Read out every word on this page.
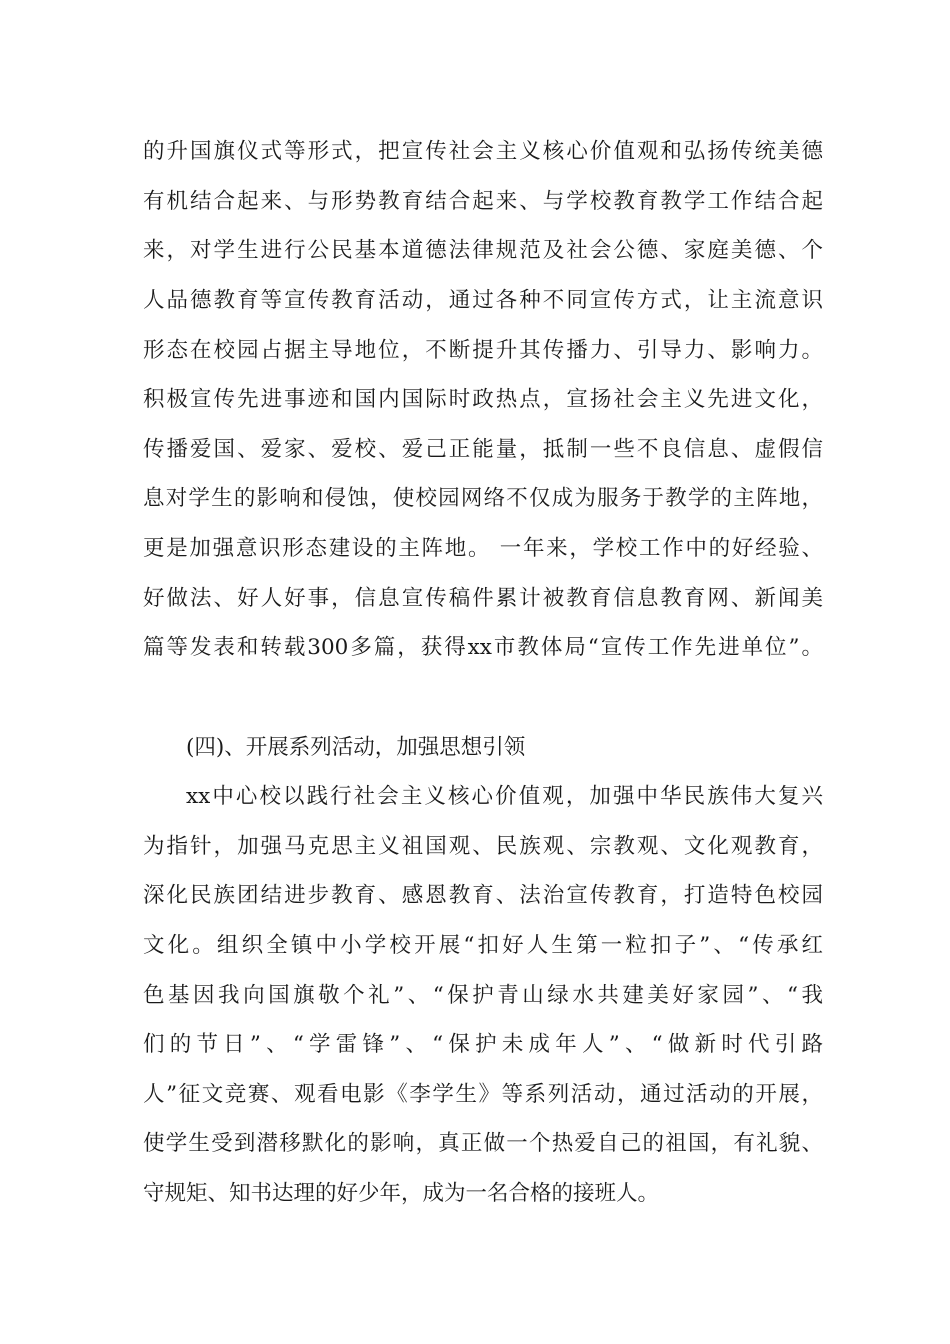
的升国旗仪式等形式，把宣传社会主义核心价值观和弘扬传统美德
有机结合起来、与形势教育结合起来、与学校教育教学工作结合起
来，对学生进行公民基本道德法律规范及社会公德、家庭美德、个
人品德教育等宣传教育活动，通过各种不同宣传方式，让主流意识
形态在校园占据主导地位，不断提升其传播力、引导力、影响力。
积极宣传先进事迹和国内国际时政热点，宣扬社会主义先进文化，
传播爱国、爱家、爱校、爱己正能量，抵制一些不良信息、虚假信
息对学生的影响和侵蚀，使校园网络不仅成为服务于教学的主阵地，
更是加强意识形态建设的主阵地。 一年来，学校工作中的好经验、
好做法、好人好事，信息宣传稿件累计被教育信息教育网、新闻美
篇等发表和转载300多篇，获得xx市教体局“宣传工作先进单位”。
(四)、开展系列活动，加强思想引领
xx中心校以践行社会主义核心价值观，加强中华民族伟大复兴
为指针，加强马克思主义祖国观、民族观、宗教观、文化观教育，
深化民族团结进步教育、感恩教育、法治宣传教育，打造特色校园
文化。组织全镇中小学校开展“扣好人生第一粒扣子”、“传承红
色基因我向国旗敬个礼”、“保护青山绿水共建美好家园”、“我
们的节日”、“学雷锋”、“保护未成年人”、“做新时代引路
人”征文竞赛、观看电影《李学生》等系列活动，通过活动的开展，
使学生受到潜移默化的影响，真正做一个热爱自己的祖国，有礼貌、
守规矩、知书达理的好少年，成为一名合格的接班人。
